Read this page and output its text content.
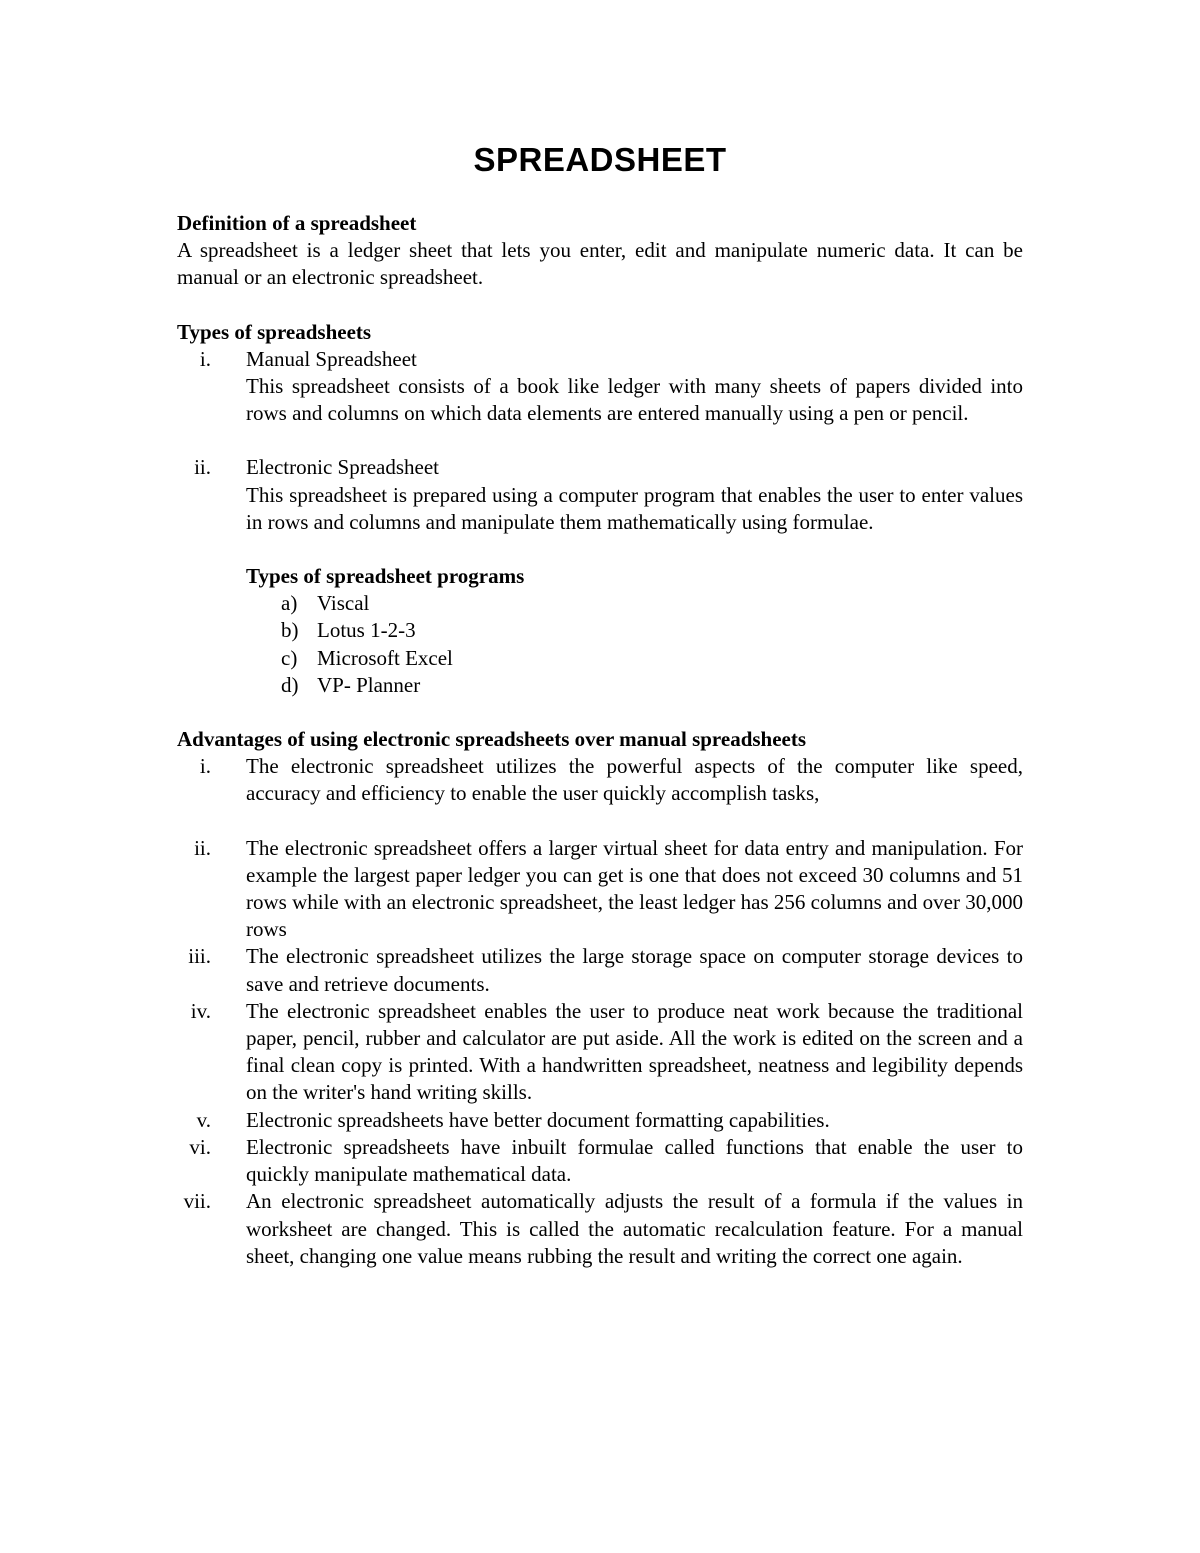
SPREADSHEET

Definition of a spreadsheet

A spreadsheet is a ledger sheet that lets you enter, edit and manipulate numeric data. It can be manual or an electronic spreadsheet.

Types of spreadsheets

i. Manual Spreadsheet

This spreadsheet consists of a book like ledger with many sheets of papers divided into rows and columns on which data elements are entered manually using a pen or pencil.

ii. Electronic Spreadsheet

This spreadsheet is prepared using a computer program that enables the user to enter values in rows and columns and manipulate them mathematically using formulae.

Types of spreadsheet programs

a) Viscal
b) Lotus 1-2-3
c) Microsoft Excel
d) VP- Planner

Advantages of using electronic spreadsheets over manual spreadsheets

i. The electronic spreadsheet utilizes the powerful aspects of the computer like speed, accuracy and efficiency to enable the user quickly accomplish tasks,

ii. The electronic spreadsheet offers a larger virtual sheet for data entry and manipulation. For example the largest paper ledger you can get is one that does not exceed 30 columns and 51 rows while with an electronic spreadsheet, the least ledger has 256 columns and over 30,000 rows

iii. The electronic spreadsheet utilizes the large storage space on computer storage devices to save and retrieve documents.

iv. The electronic spreadsheet enables the user to produce neat work because the traditional paper, pencil, rubber and calculator are put aside. All the work is edited on the screen and a final clean copy is printed. With a handwritten spreadsheet, neatness and legibility depends on the writer's hand writing skills.

v. Electronic spreadsheets have better document formatting capabilities.

vi. Electronic spreadsheets have inbuilt formulae called functions that enable the user to quickly manipulate mathematical data.

vii. An electronic spreadsheet automatically adjusts the result of a formula if the values in worksheet are changed. This is called the automatic recalculation feature. For a manual sheet, changing one value means rubbing the result and writing the correct one again.
